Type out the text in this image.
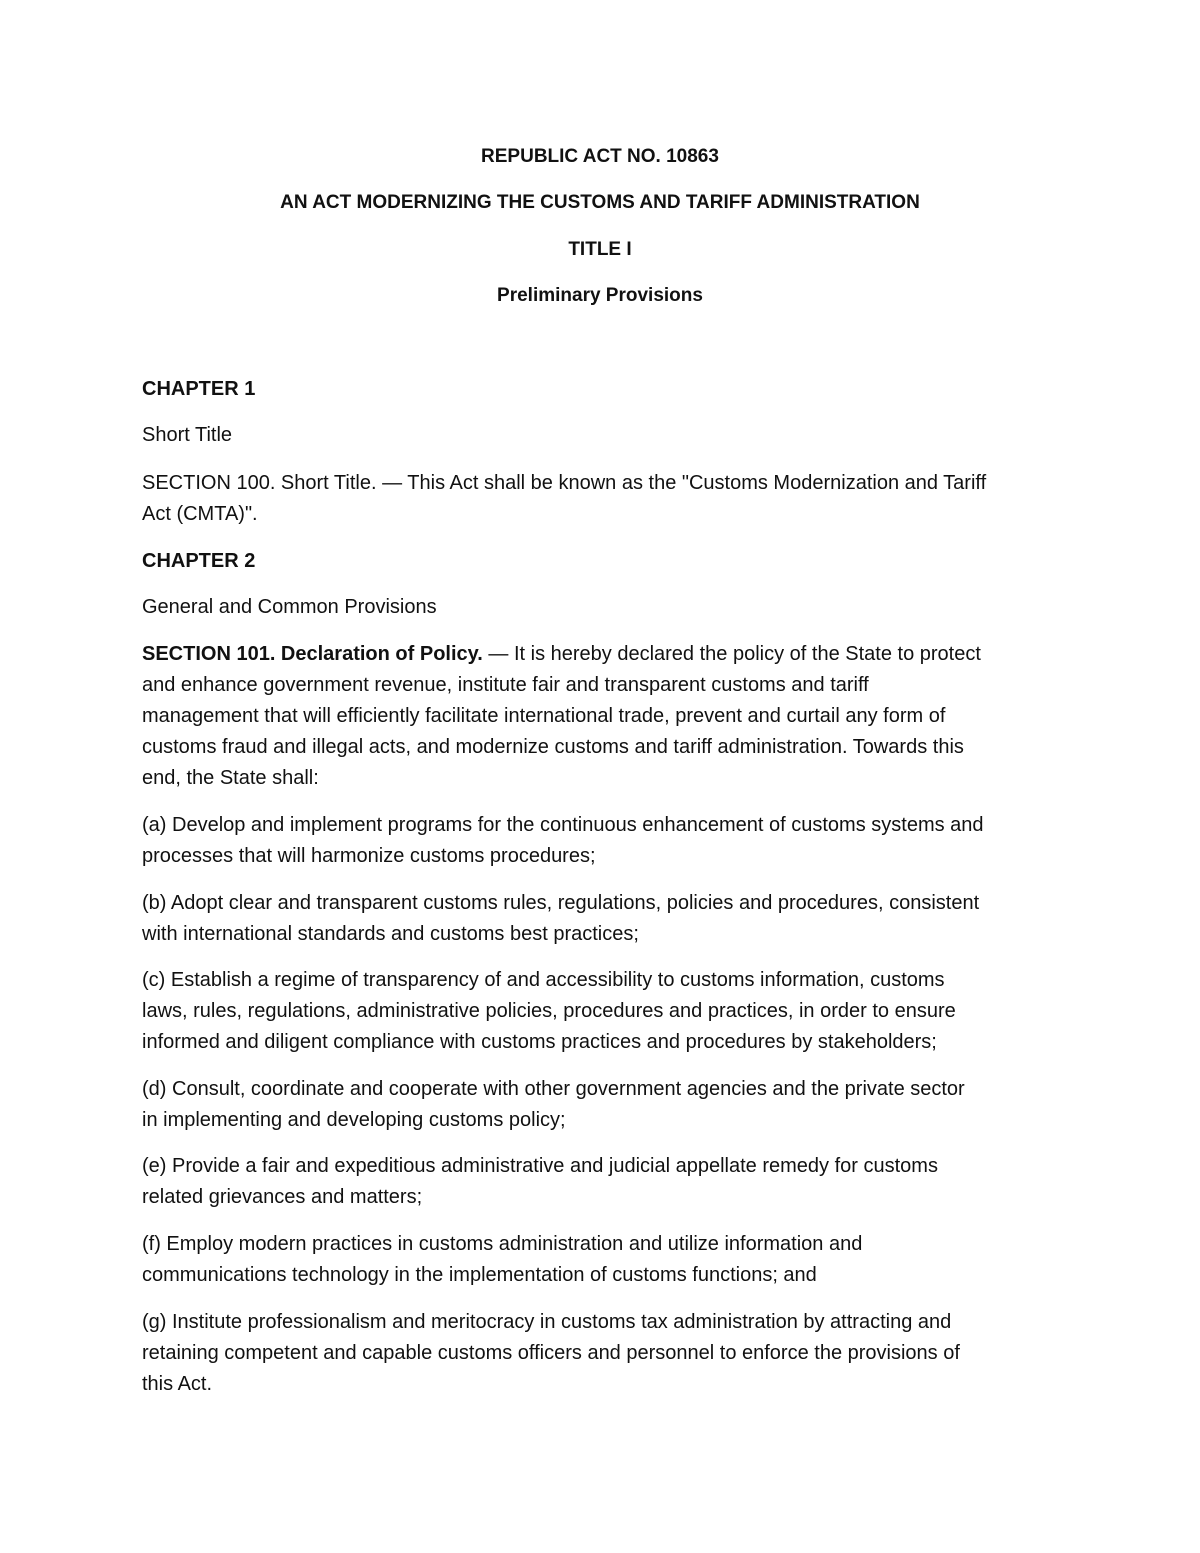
REPUBLIC ACT NO. 10863
AN ACT MODERNIZING THE CUSTOMS AND TARIFF ADMINISTRATION
TITLE I
Preliminary Provisions
CHAPTER 1
Short Title
SECTION 100. Short Title. — This Act shall be known as the "Customs Modernization and Tariff
Act (CMTA)".
CHAPTER 2
General and Common Provisions
SECTION 101. Declaration of Policy. — It is hereby declared the policy of the State to protect
and enhance government revenue, institute fair and transparent customs and tariff
management that will efficiently facilitate international trade, prevent and curtail any form of
customs fraud and illegal acts, and modernize customs and tariff administration. Towards this
end, the State shall:
(a) Develop and implement programs for the continuous enhancement of customs systems and
processes that will harmonize customs procedures;
(b) Adopt clear and transparent customs rules, regulations, policies and procedures, consistent
with international standards and customs best practices;
(c) Establish a regime of transparency of and accessibility to customs information, customs
laws, rules, regulations, administrative policies, procedures and practices, in order to ensure
informed and diligent compliance with customs practices and procedures by stakeholders;
(d) Consult, coordinate and cooperate with other government agencies and the private sector
in implementing and developing customs policy;
(e) Provide a fair and expeditious administrative and judicial appellate remedy for customs
related grievances and matters;
(f) Employ modern practices in customs administration and utilize information and
communications technology in the implementation of customs functions; and
(g) Institute professionalism and meritocracy in customs tax administration by attracting and
retaining competent and capable customs officers and personnel to enforce the provisions of
this Act.
